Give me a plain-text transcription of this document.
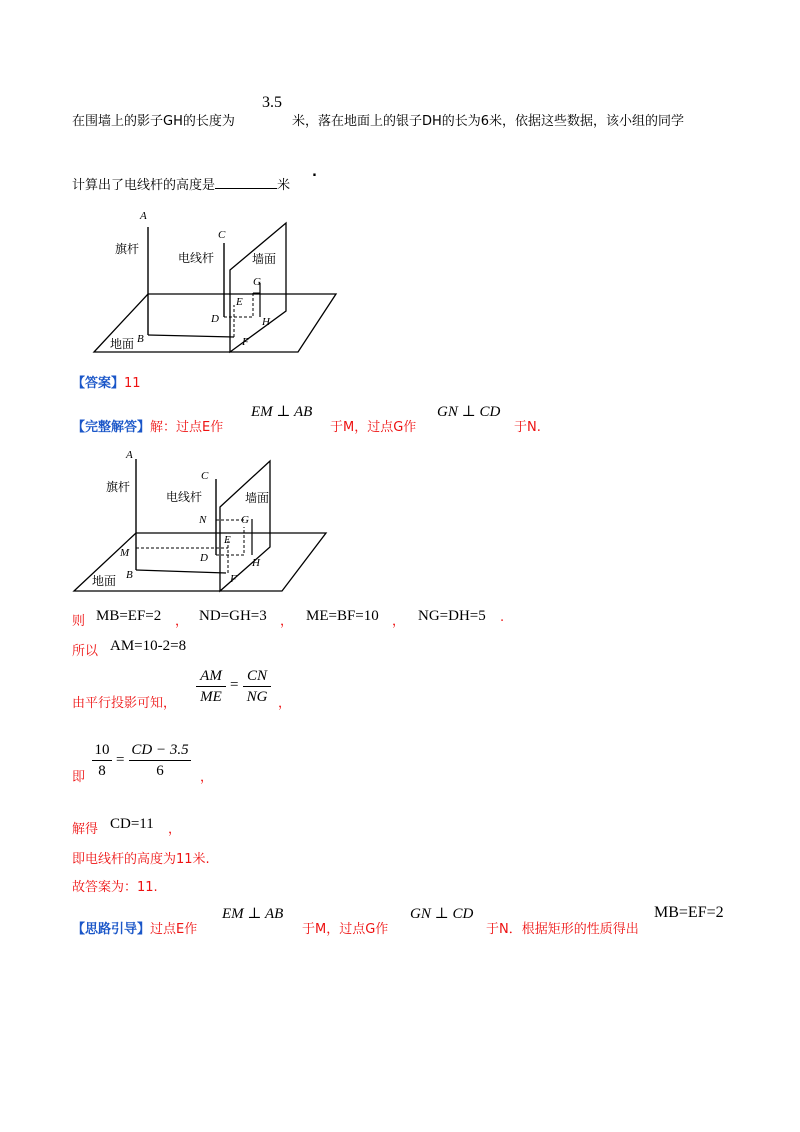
在围墙上的影子GH的长度为
3.5
米，落在地面上的银子DH的长为6米，依据这些数据，该小组的同学
计算出了电线杆的高度是	米
.
A
C
G
E
D	H
B	F
旗杆
电线杆	墙面
地面
【答案】11
【完整解答】解：过点E作
EM ⊥ AB
于M，过点G作
GN ⊥ CD
于N.
A
C
N	G
M
E
D	H
B	F
旗杆
电线杆	墙面
地面
则 MB=EF=2 ， ND=GH=3 ， ME=BF=10 ， NG=DH=5 .
所以 AM=10-2=8
由平行投影可知，
AM
ME
=
CN
NG ，
即
10
8
=
CD − 3.5
6	，
解得 CD=11 ，
即电线杆的高度为11米.
故答案为：11.
【思路引导】过点E作
EM ⊥ AB
于M，过点G作
GN ⊥ CD
于N．根据矩形的性质得出
MB=EF=2
